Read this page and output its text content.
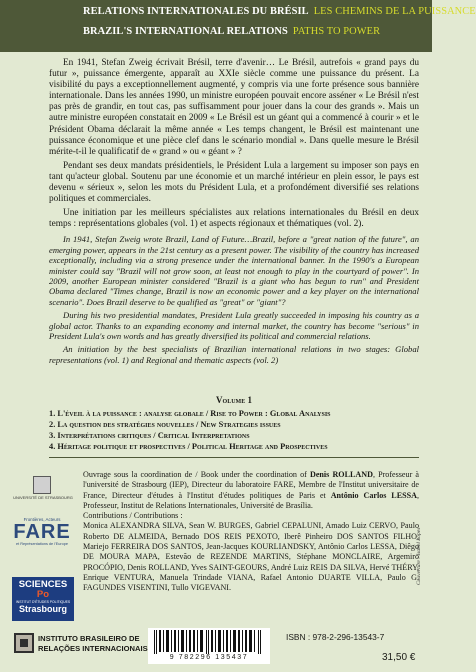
RELATIONS INTERNATIONALES DU BRÉSIL LES CHEMINS DE LA PUISSANCE
BRAZIL'S INTERNATIONAL RELATIONS PATHS TO POWER

En 1941, Stefan Zweig écrivait Brésil, terre d'avenir… Le Brésil, autrefois « grand pays du futur », puissance émergente, apparaît au XXIe siècle comme une puissance du présent. La visibilité du pays a exceptionnellement augmenté, y compris via une forte présence sous bannière internationale. Dans les années 1990, un ministre européen pouvait encore asséner « Le Brésil n'est pas près de grandir, en tout cas, pas suffisamment pour jouer dans la cour des grands ». Mais un autre ministre européen constatait en 2009 « Le Brésil est un géant qui a commencé à courir » et le Président Obama déclarait la même année « Les temps changent, le Brésil est maintenant une puissance économique et une pièce clef dans le scénario mondial ». Dans quelle mesure le Brésil mérite-t-il le qualificatif de « grand » ou « géant » ?

Pendant ses deux mandats présidentiels, le Président Lula a largement su imposer son pays en tant qu'acteur global. Soutenu par une économie et un marché intérieur en plein essor, le pays est devenu « sérieux », selon les mots du Président Lula, et a profondément diversifié ses relations politiques et commerciales.

Une initiation par les meilleurs spécialistes aux relations internationales du Brésil en deux temps : représentations globales (vol. 1) et aspects régionaux et thématiques (vol. 2).

In 1941, Stefan Zweig wrote Brazil, Land of Future…Brazil, before a "great nation of the future", an emerging power, appears in the 21st century as a present power. The visibility of the country has increased exceptionally, including via a strong presence under the international banner. In the 1990's a European minister could say "Brazil will not grow soon, at least not enough to play in the courtyard of power". In 2009, another European minister considered "Brazil is a giant who has begun to run" and President Obama declared "Times change, Brazil is now an economic power and a key player on the international scenario". Does Brazil deserve to be qualified as "great" or "giant"?

During his two presidential mandates, President Lula greatly succeeded in imposing his country as a global actor. Thanks to an expanding economy and internal market, the country has become "serious" in President Lula's own words and has greatly diversified its political and commercial relations.

An initiation by the best specialists of Brazilian international relations in two stages: Global representations (vol. 1) and Regional and thematic aspects (vol. 2)

Volume 1
1. L'éveil à la puissance : analyse globale / Rise to Power : Global Analysis
2. La question des stratégies nouvelles / New Strategies issues
3. Interprétations critiques / Critical Interpretations
4. Héritage politique et prospectives / Political Heritage and Prospectives
UNIVERSITÉ DE STRASBOURG
Frontières, Acteurs
FARE
et Représentations de l'Europe
SCIENCES Po
INSTITUT D'ÉTUDES POLITIQUES
Strasbourg
Ouvrage sous la coordination de / Book under the coordination of Denis ROLLAND, Professeur à l'université de Strasbourg (IEP), Directeur du laboratoire FARE, Membre de l'Institut universitaire de France, Directeur d'études à l'Institut d'études politiques de Paris et Antônio Carlos LESSA, Professeur, Institut de Relations Internationales, Université de Brasília.
Contributions / Contributions :
Monica ALEXANDRA SILVA, Sean W. BURGES, Gabriel CEPALUNI, Amado Luiz CERVO, Paulo Roberto DE ALMEIDA, Bernado DOS REIS PEXOTO, Iberê Pinheiro DOS SANTOS FILHO, Mariejo FERREIRA DOS SANTOS, Jean-Jacques KOURLIANDSKY, Antônio Carlos LESSA, Diêgo DE MOURA MAPA, Estevão de REZENDE MARTINS, Stéphane MONCLAIRE, Argemiro PROCÓPIO, Denis ROLLAND, Yves SAINT-GEOURS, André Luiz REIS DA SILVA, Hervé THÉRY, Enrique VENTURA, Manuela Trindade VIANA, Rafael Antonio DUARTE VILLA, Paulo G. FAGUNDES VISENTINI, Tullo VIGEVANI.
INSTITUTO BRASILEIRO DE
RELAÇÕES INTERNACIONAIS
9 782296 135437
ISBN : 978-2-296-13543-7
31,50 €
Couverture : Isabel Lopes
